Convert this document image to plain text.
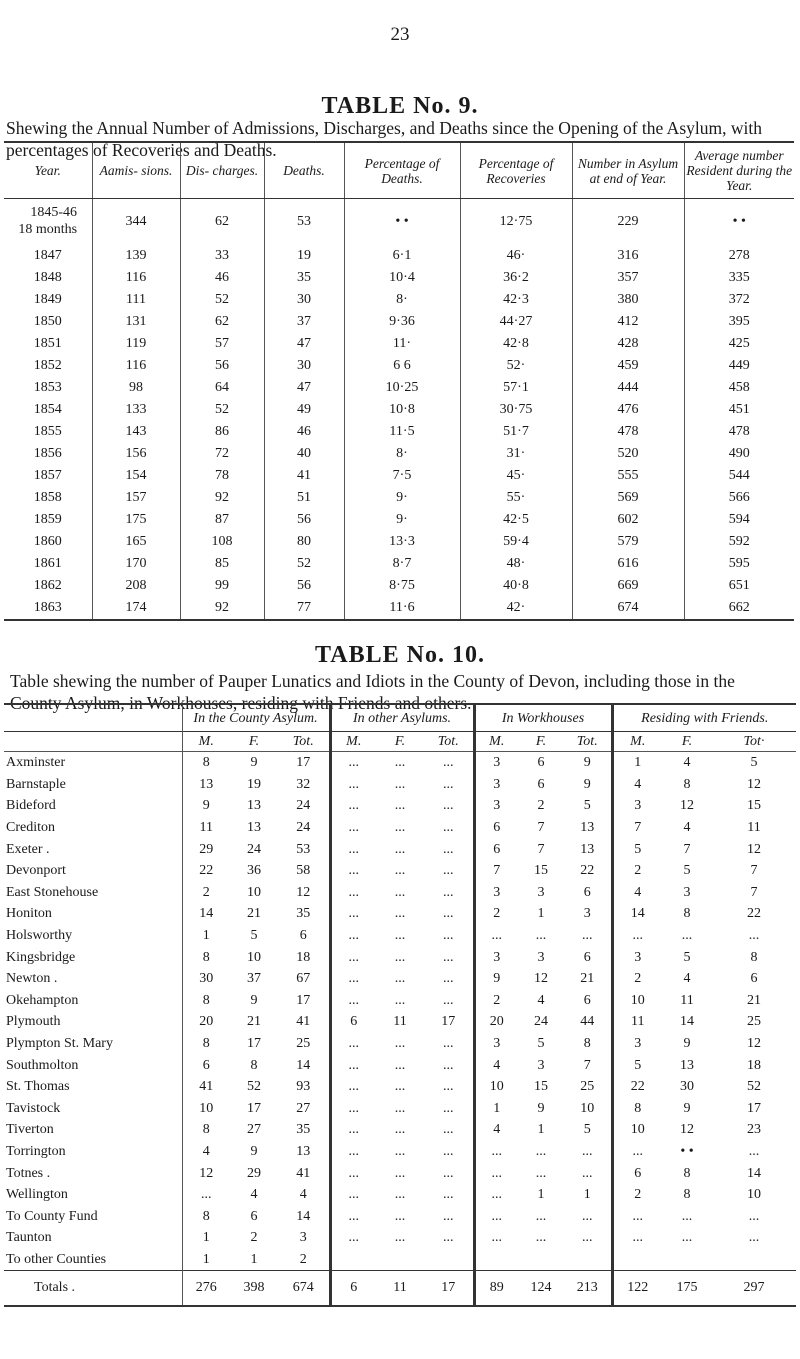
23
TABLE No. 9.
Shewing the Annual Number of Admissions, Discharges, and Deaths since the Opening of the Asylum, with percentages of Recoveries and Deaths.
Year.	Aamis- sions.	Dis- charges.	Deaths.	Percentage of Deaths.	Percentage of Recoveries	Number in Asylum at end of Year.	Average number Resident during the Year.

1845-46
18 months	344	62	53	• •	12·75	229	• •
1847	139	33	19	6·1	46·	316	278
1848	116	46	35	10·4	36·2	357	335
1849	111	52	30	8·	42·3	380	372
1850	131	62	37	9·36	44·27	412	395
1851	119	57	47	11·	42·8	428	425
1852	116	56	30	6 6	52·	459	449
1853	98	64	47	10·25	57·1	444	458
1854	133	52	49	10·8	30·75	476	451
1855	143	86	46	11·5	51·7	478	478
1856	156	72	40	8·	31·	520	490
1857	154	78	41	7·5	45·	555	544
1858	157	92	51	9·	55·	569	566
1859	175	87	56	9·	42·5	602	594
1860	165	108	80	13·3	59·4	579	592
1861	170	85	52	8·7	48·	616	595
1862	208	99	56	8·75	40·8	669	651
1863	174	92	77	11·6	42·	674	662
TABLE No. 10.
Table shewing the number of Pauper Lunatics and Idiots in the County of Devon, including those in the County Asylum, in Workhouses, residing with Friends and others.
	In the County Asylum.			In other Asylums.			In Workhouses			Residing with Friends.		
	M.	F.	Tot.	M.	F.	Tot.	M.	F.	Tot.	M.	F.	Tot·
Axminster	8	9	17	...	...	...	3	6	9	1	4	5
Barnstaple	13	19	32	...	...	...	3	6	9	4	8	12
Bideford	9	13	24	...	...	...	3	2	5	3	12	15
Crediton	11	13	24	...	...	...	6	7	13	7	4	11
Exeter .	29	24	53	...	...	...	6	7	13	5	7	12
Devonport	22	36	58	...	...	...	7	15	22	2	5	7
East Stonehouse	2	10	12	...	...	...	3	3	6	4	3	7
Honiton	14	21	35	...	...	...	2	1	3	14	8	22
Holsworthy	1	5	6	...	...	...	...	...	...	...	...	...
Kingsbridge	8	10	18	...	...	...	3	3	6	3	5	8
Newton .	30	37	67	...	...	...	9	12	21	2	4	6
Okehampton	8	9	17	...	...	...	2	4	6	10	11	21
Plymouth	20	21	41	6	11	17	20	24	44	11	14	25
Plympton St. Mary	8	17	25	...	...	...	3	5	8	3	9	12
Southmolton	6	8	14	...	...	...	4	3	7	5	13	18
St. Thomas	41	52	93	...	...	...	10	15	25	22	30	52
Tavistock	10	17	27	...	...	...	1	9	10	8	9	17
Tiverton	8	27	35	...	...	...	4	1	5	10	12	23
Torrington	4	9	13	...	...	...	...	...	...	...	• •	...
Totnes .	12	29	41	...	...	...	...	...	...	6	8	14
Wellington	...	4	4	...	...	...	...	1	1	2	8	10
To County Fund	8	6	14	...	...	...	...	...	...	...	...	...
Taunton	1	2	3	...	...	...	...	...	...	...	...	...
To other Counties	1	1	2									
Totals .	276	398	674	6	11	17	89	124	213	122	175	297
